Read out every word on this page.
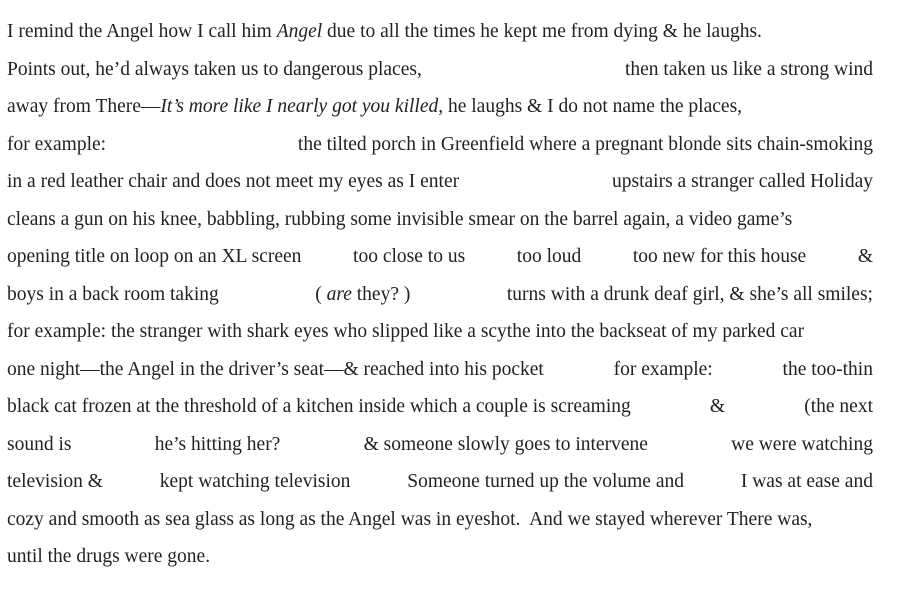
I remind the Angel how I call him Angel due to all the times he kept me from dying & he laughs.
Points out, he’d always taken us to dangerous places,	then taken us like a strong wind
away from There—It’s more like I nearly got you killed, he laughs & I do not name the places,
for example:	the tilted porch in Greenfield where a pregnant blonde sits chain-smoking
in a red leather chair and does not meet my eyes as I enter	upstairs a stranger called Holiday
cleans a gun on his knee, babbling, rubbing some invisible smear on the barrel again, a video game’s
opening title on loop on an XL screen	too close to us	too loud	too new for this house	&
boys in a back room taking	( are they? )	turns with a drunk deaf girl, & she’s all smiles;
for example: the stranger with shark eyes who slipped like a scythe into the backseat of my parked car
one night—the Angel in the driver’s seat—& reached into his pocket	for example:	the too-thin
black cat frozen at the threshold of a kitchen inside which a couple is screaming	&	(the next
sound is	he’s hitting her?	& someone slowly goes to intervene	we were watching
television &	kept watching television	Someone turned up the volume and	I was at ease and
cozy and smooth as sea glass as long as the Angel was in eyeshot.  And we stayed wherever There was,
until the drugs were gone.
